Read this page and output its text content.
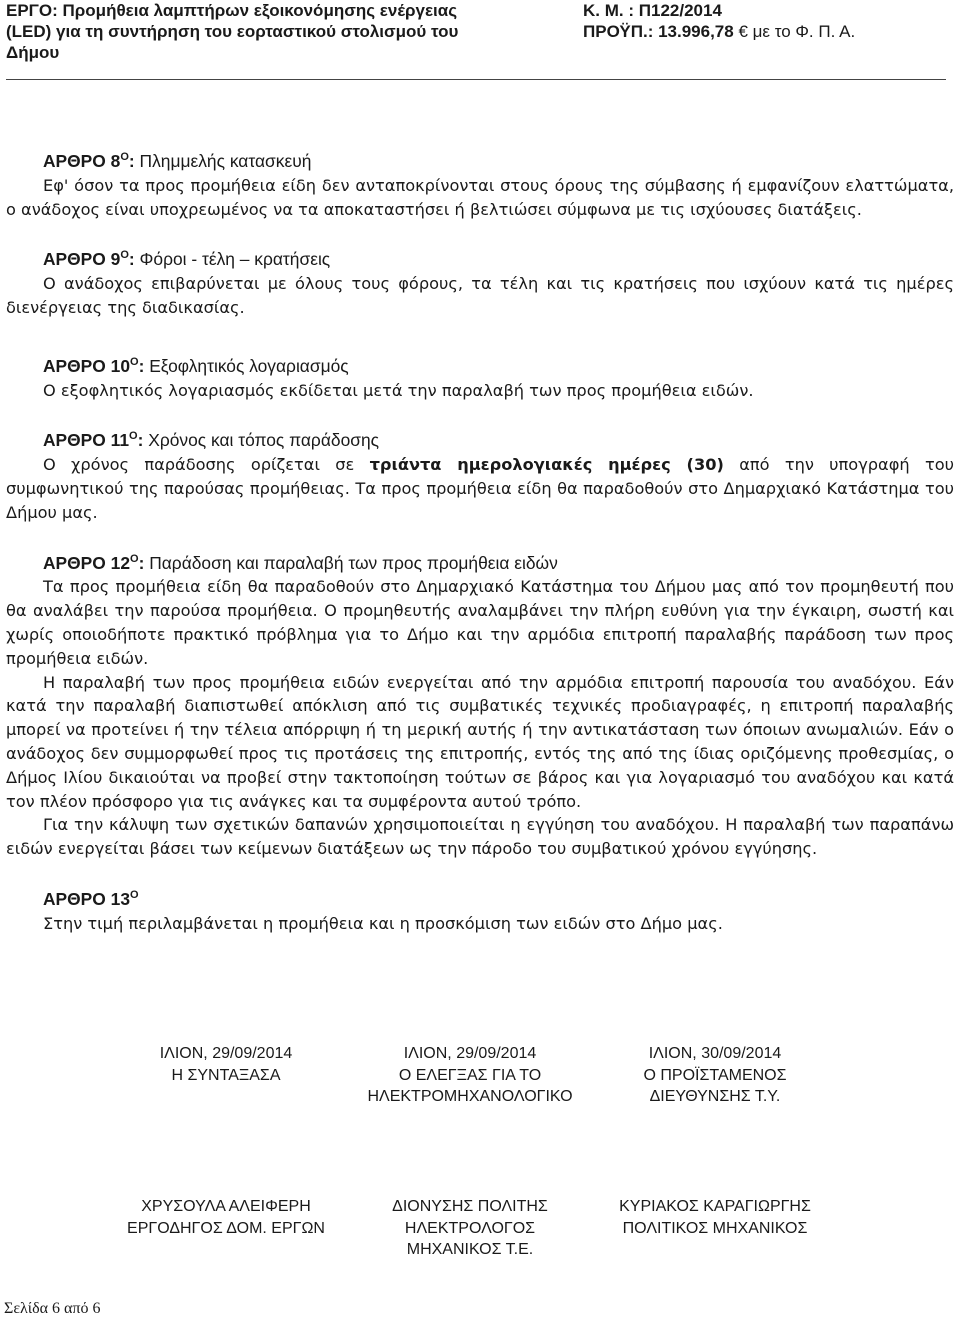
ΕΡΓΟ: Προμήθεια λαμπτήρων εξοικονόμησης ενέργειας
(LED) για τη συντήρηση του εορταστικού στολισμού του
Δήμου
Κ. Μ. : Π122/2014
ΠΡΟΫΠ.: 13.996,78 € με το Φ. Π. Α.
ΑΡΘΡΟ $8^O$: Πλημμελής κατασκευή
Εφ' όσον τα προς προμήθεια είδη δεν ανταποκρίνονται στους όρους της σύμβασης ή εμφανίζουν ελαττώματα, ο ανάδοχος είναι υποχρεωμένος να τα αποκαταστήσει ή βελτιώσει σύμφωνα με τις ισχύουσες διατάξεις.
ΑΡΘΡΟ $9^O$: Φόροι - τέλη – κρατήσεις
Ο ανάδοχος επιβαρύνεται με όλους τους φόρους, τα τέλη και τις κρατήσεις που ισχύουν κατά τις ημέρες διενέργειας της διαδικασίας.
ΑΡΘΡΟ $10^O$: Εξοφλητικός λογαριασμός
Ο εξοφλητικός λογαριασμός εκδίδεται μετά την παραλαβή των προς προμήθεια ειδών.
ΑΡΘΡΟ $11^O$: Χρόνος και τόπος παράδοσης
Ο χρόνος παράδοσης ορίζεται σε τριάντα ημερολογιακές ημέρες (30) από την υπογραφή του συμφωνητικού της παρούσας προμήθειας. Τα προς προμήθεια είδη θα παραδοθούν στο Δημαρχιακό Κατάστημα του Δήμου μας.
ΑΡΘΡΟ $12^O$: Παράδοση και παραλαβή των προς προμήθεια ειδών
Τα προς προμήθεια είδη θα παραδοθούν στο Δημαρχιακό Κατάστημα του Δήμου μας από τον προμηθευτή που θα αναλάβει την παρούσα προμήθεια. Ο προμηθευτής αναλαμβάνει την πλήρη ευθύνη για την έγκαιρη, σωστή και χωρίς οποιοδήποτε πρακτικό πρόβλημα για το Δήμο και την αρμόδια επιτροπή παραλαβής παράδοση των προς προμήθεια ειδών.
Η παραλαβή των προς προμήθεια ειδών ενεργείται από την αρμόδια επιτροπή παρουσία του αναδόχου. Εάν κατά την παραλαβή διαπιστωθεί απόκλιση από τις συμβατικές τεχνικές προδιαγραφές, η επιτροπή παραλαβής μπορεί να προτείνει ή την τέλεια απόρριψη ή τη μερική αυτής ή την αντικατάσταση των όποιων ανωμαλιών. Εάν ο ανάδοχος δεν συμμορφωθεί προς τις προτάσεις της επιτροπής, εντός της από της ίδιας οριζόμενης προθεσμίας, ο Δήμος Ιλίου δικαιούται να προβεί στην τακτοποίηση τούτων σε βάρος και για λογαριασμό του αναδόχου και κατά τον πλέον πρόσφορο για τις ανάγκες και τα συμφέροντα αυτού τρόπο.
Για την κάλυψη των σχετικών δαπανών χρησιμοποιείται η εγγύηση του αναδόχου. Η παραλαβή των παραπάνω ειδών ενεργείται βάσει των κείμενων διατάξεων ως την πάροδο του συμβατικού χρόνου εγγύησης.
ΑΡΘΡΟ $13^O$
Στην τιμή περιλαμβάνεται η προμήθεια και η προσκόμιση των ειδών στο Δήμο μας.
ΙΛΙΟΝ, 29/09/2014
Η ΣΥΝΤΑΞΑΣΑ
ΙΛΙΟΝ, 29/09/2014
Ο ΕΛΕΓΞΑΣ ΓΙΑ ΤΟ
ΗΛΕΚΤΡΟΜΗΧΑΝΟΛΟΓΙΚΟ
ΙΛΙΟΝ, 30/09/2014
Ο ΠΡΟΪΣΤΑΜΕΝΟΣ
ΔΙΕΥΘΥΝΣΗΣ Τ.Υ.
ΧΡΥΣΟΥΛΑ ΑΛΕΙΦΕΡΗ
ΕΡΓΟΔΗΓΟΣ ΔΟΜ. ΕΡΓΩΝ
ΔΙΟΝΥΣΗΣ ΠΟΛΙΤΗΣ
ΗΛΕΚΤΡΟΛΟΓΟΣ
ΜΗΧΑΝΙΚΟΣ Τ.Ε.
ΚΥΡΙΑΚΟΣ ΚΑΡΑΓΙΩΡΓΗΣ
ΠΟΛΙΤΙΚΟΣ ΜΗΧΑΝΙΚΟΣ
Σελίδα 6 από 6
